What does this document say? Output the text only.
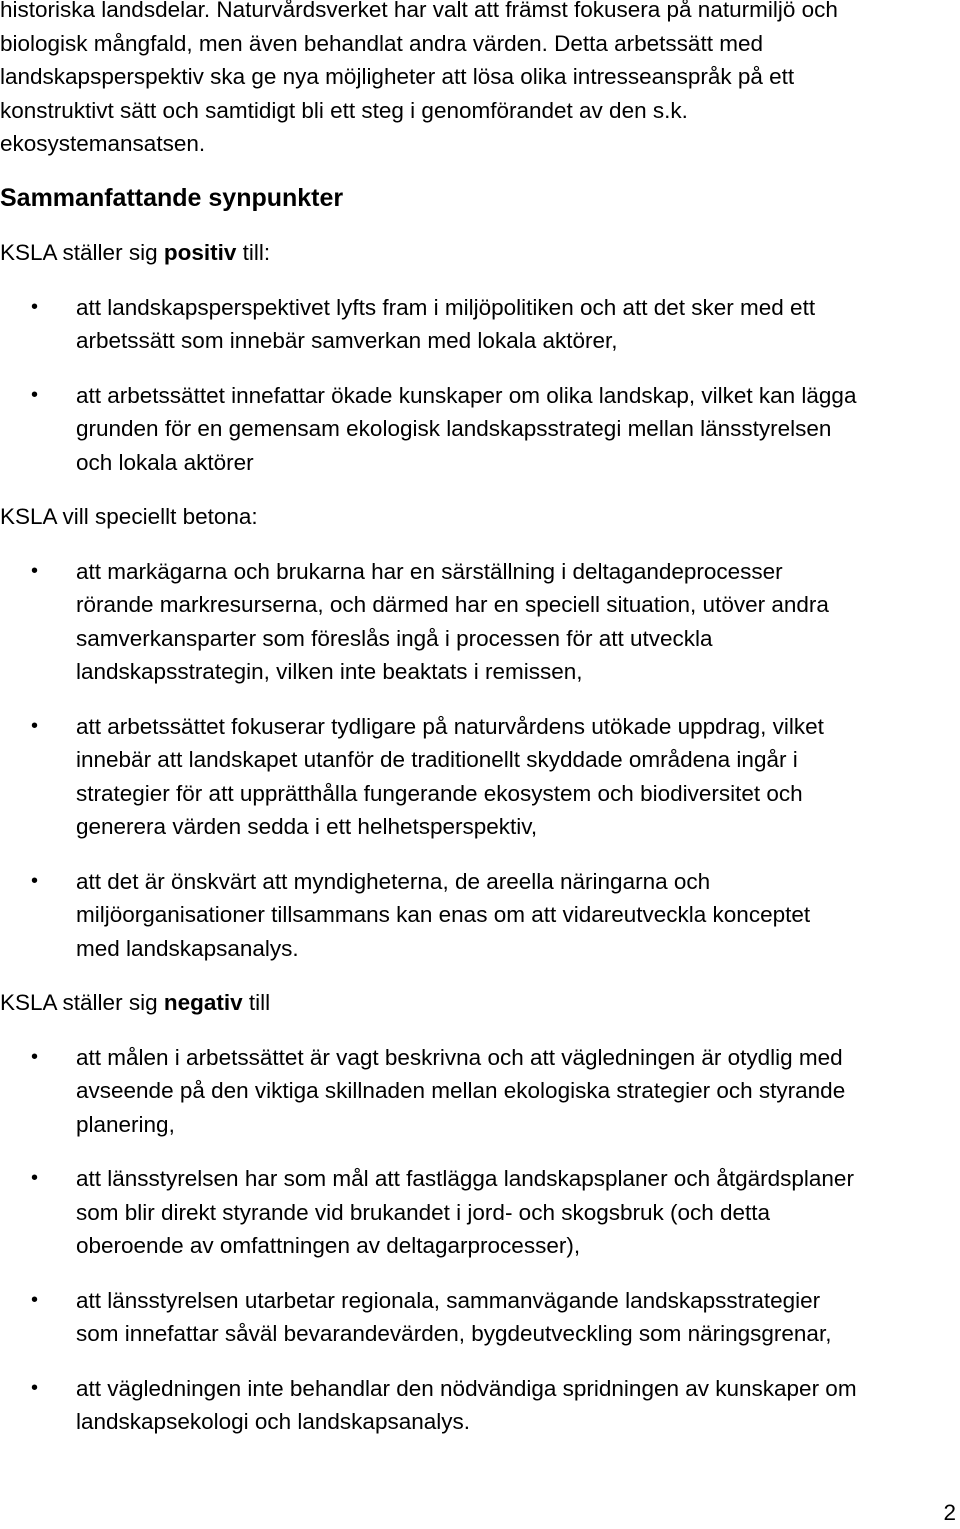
historiska landsdelar. Naturvårdsverket har valt att främst fokusera på naturmiljö och

biologisk mångfald, men även behandlat andra värden. Detta arbetssätt med

landskapsperspektiv ska ge nya möjligheter att lösa olika intresseanspråk på ett

konstruktivt sätt och samtidigt bli ett steg i genomförandet av den s.k.

ekosystemansatsen.

Sammanfattande synpunkter

KSLA ställer sig positiv till:

• att landskapsperspektivet lyfts fram i miljöpolitiken och att det sker med ett

arbetssätt som innebär samverkan med lokala aktörer,

• att arbetssättet innefattar ökade kunskaper om olika landskap, vilket kan lägga

grunden för en gemensam ekologisk landskapsstrategi mellan länsstyrelsen

och lokala aktörer

KSLA vill speciellt betona:

• att markägarna och brukarna har en särställning i deltagandeprocesser

rörande markresurserna, och därmed har en speciell situation, utöver andra

samverkansparter som föreslås ingå i processen för att utveckla

landskapsstrategin, vilken inte beaktats i remissen,

• att arbetssättet fokuserar tydligare på naturvårdens utökade uppdrag, vilket

innebär att landskapet utanför de traditionellt skyddade områdena ingår i

strategier för att upprätthålla fungerande ekosystem och biodiversitet och

generera värden sedda i ett helhetsperspektiv,

• att det är önskvärt att myndigheterna, de areella näringarna och

miljöorganisationer tillsammans kan enas om att vidareutveckla konceptet

med landskapsanalys.

KSLA ställer sig negativ till

• att målen i arbetssättet är vagt beskrivna och att vägledningen är otydlig med

avseende på den viktiga skillnaden mellan ekologiska strategier och styrande

planering,

• att länsstyrelsen har som mål att fastlägga landskapsplaner och åtgärdsplaner

som blir direkt styrande vid brukandet i jord- och skogsbruk (och detta

oberoende av omfattningen av deltagarprocesser),

• att länsstyrelsen utarbetar regionala, sammanvägande landskapsstrategier

som innefattar såväl bevarandevärden, bygdeutveckling som näringsgrenar,

• att vägledningen inte behandlar den nödvändiga spridningen av kunskaper om

landskapsekologi och landskapsanalys.

2
